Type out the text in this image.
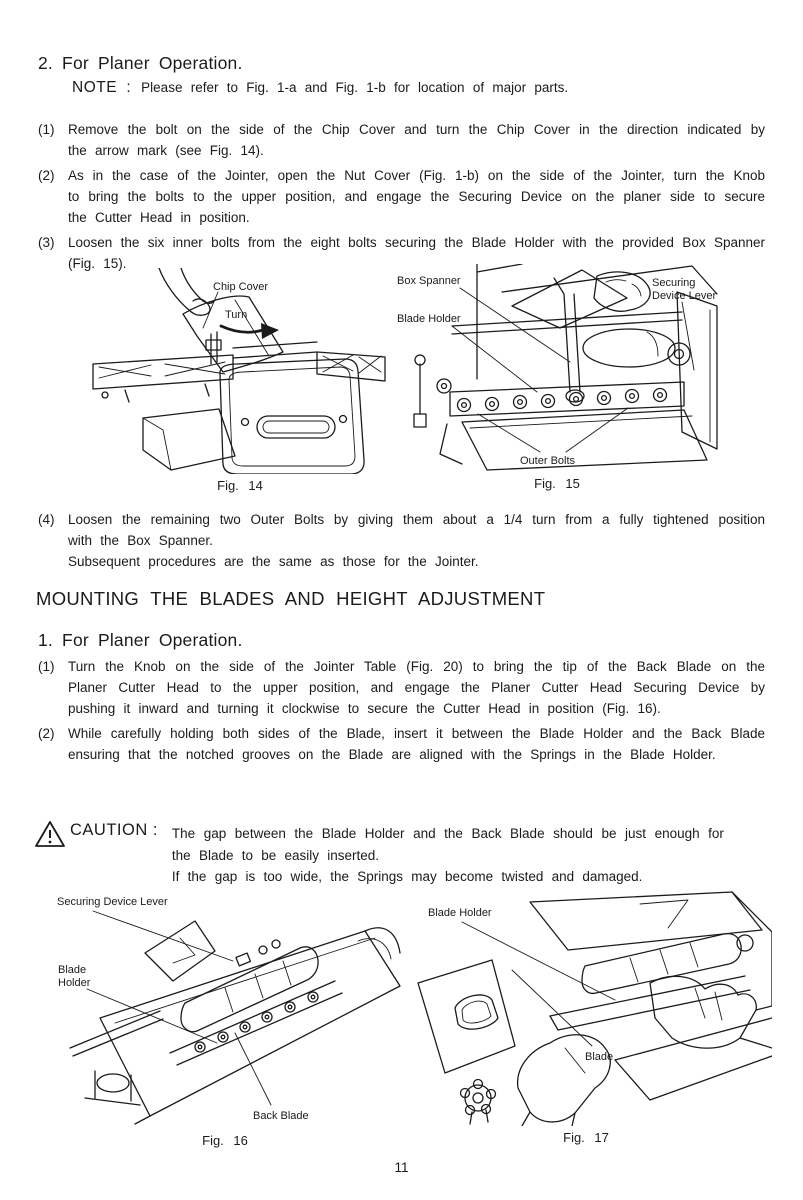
2. For Planer Operation.
NOTE : Please refer to Fig. 1-a and Fig. 1-b for location of major parts.
(1)	Remove the bolt on the side of the Chip Cover and turn the Chip Cover in the direction indicated by the arrow mark (see Fig. 14).
(2)	As in the case of the Jointer, open the Nut Cover (Fig. 1-b) on the side of the Jointer, turn the Knob to bring the bolts to the upper position, and engage the Securing Device on the planer side to secure the Cutter Head in position.
(3)	Loosen the six inner bolts from the eight bolts securing the Blade Holder with the provided Box Spanner (Fig. 15).
Chip Cover
Turn
Fig. 14
Box Spanner
Blade Holder
Securing
Device Lever
Outer Bolts
Fig. 15
(4)	Loosen the remaining two Outer Bolts by giving them about a 1/4 turn from a fully tightened position with the Box Spanner.
Subsequent procedures are the same as those for the Jointer.
MOUNTING THE BLADES AND HEIGHT ADJUSTMENT
1. For Planer Operation.
(1)	Turn the Knob on the side of the Jointer Table (Fig. 20) to bring the tip of the Back Blade on the Planer Cutter Head to the upper position, and engage the Planer Cutter Head Securing Device by pushing it inward and turning it clockwise to secure the Cutter Head in position (Fig. 16).
(2)	While carefully holding both sides of the Blade, insert it between the Blade Holder and the Back Blade ensuring that the notched grooves on the Blade are aligned with the Springs in the Blade Holder.
CAUTION : The gap between the Blade Holder and the Back Blade should be just enough for the Blade to be easily inserted.

If the gap is too wide, the Springs may become twisted and damaged.

Securing Device Lever
Blade
Holder
Back Blade
Fig. 16
Blade Holder
Blade
Fig. 17
11
